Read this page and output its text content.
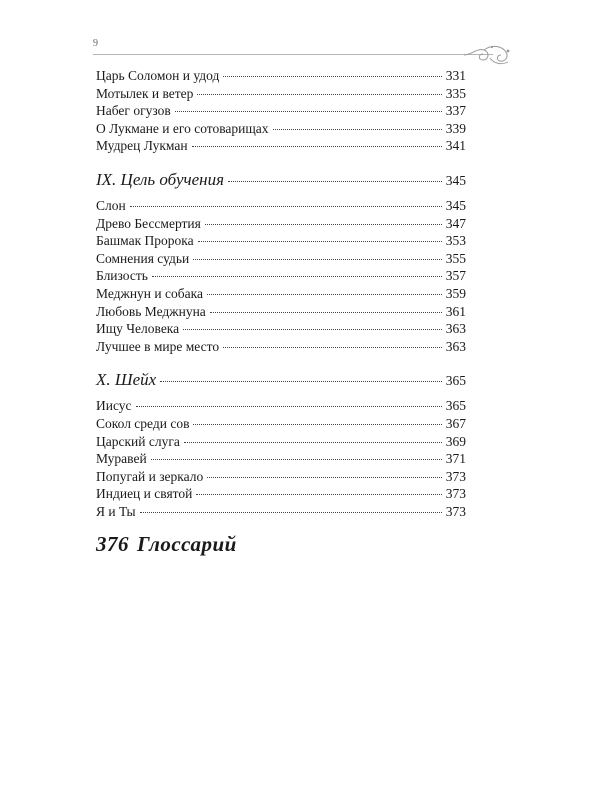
9
Царь Соломон и удод	331
Мотылек и ветер	335
Набег огузов	337
О Лукмане и его сотоварищах	339
Мудрец Лукман	341
IX. Цель обучения	345
Слон	345
Древо Бессмертия	347
Башмак Пророка	353
Сомнения судьи	355
Близость	357
Меджнун и собака	359
Любовь Меджнуна	361
Ищу Человека	363
Лучшее в мире место	363
X. Шейх	365
Иисус	365
Сокол среди сов	367
Царский слуга	369
Муравей	371
Попугай и зеркало	373
Индиец и святой	373
Я и Ты	373
376 Глоссарий
